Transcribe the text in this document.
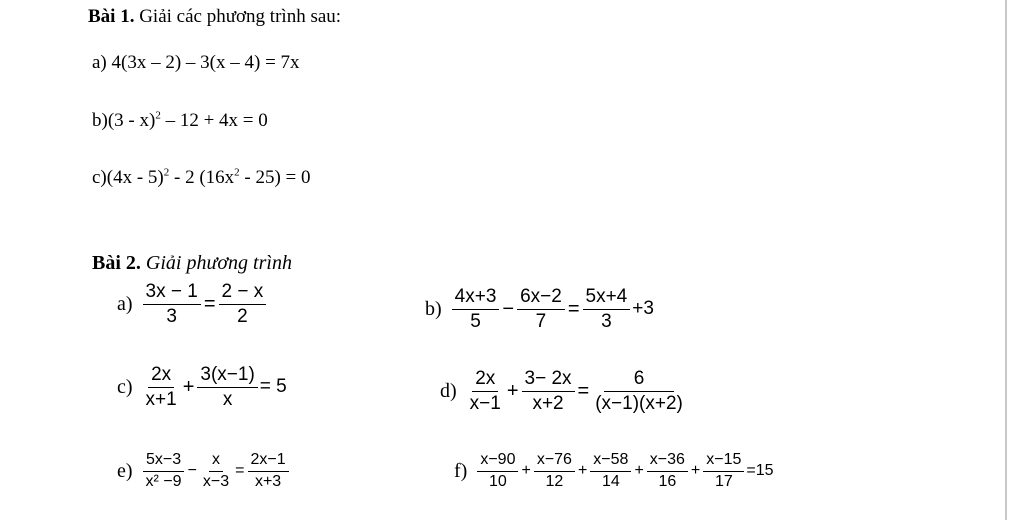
Bài 1. Giải các phương trình sau:
a) 4(3x – 2) – 3(x – 4) = 7x
b)(3 - x)$^2$ – 12 + 4x = 0
c)(4x - 5)$^2$ - 2 $(16x^2 - 25) = 0$
Bài 2. Giải phương trình
$a) \frac{3x - 1}{3} = \frac{2 - x}{2}$	$b) \frac{4x+3}{5} - \frac{6x-2}{7} = \frac{5x+4}{3} +3$
$c) \frac{2x}{x+1} + \frac{3(x-1)}{x} = 5$	$d) \frac{2x}{x-1} + \frac{3- 2x}{x+2} = \frac{6}{(x-1)(x+2)}$
$e) \frac{5x-3}{\text{x² −9}} - \frac{x}{x-3} = \frac{2x-1}{x+3}$	$f) \frac{x-90}{10} + \frac{x-76}{12} + \frac{x-58}{14} + \frac{x-36}{16} + \frac{x-15}{17} =15$
